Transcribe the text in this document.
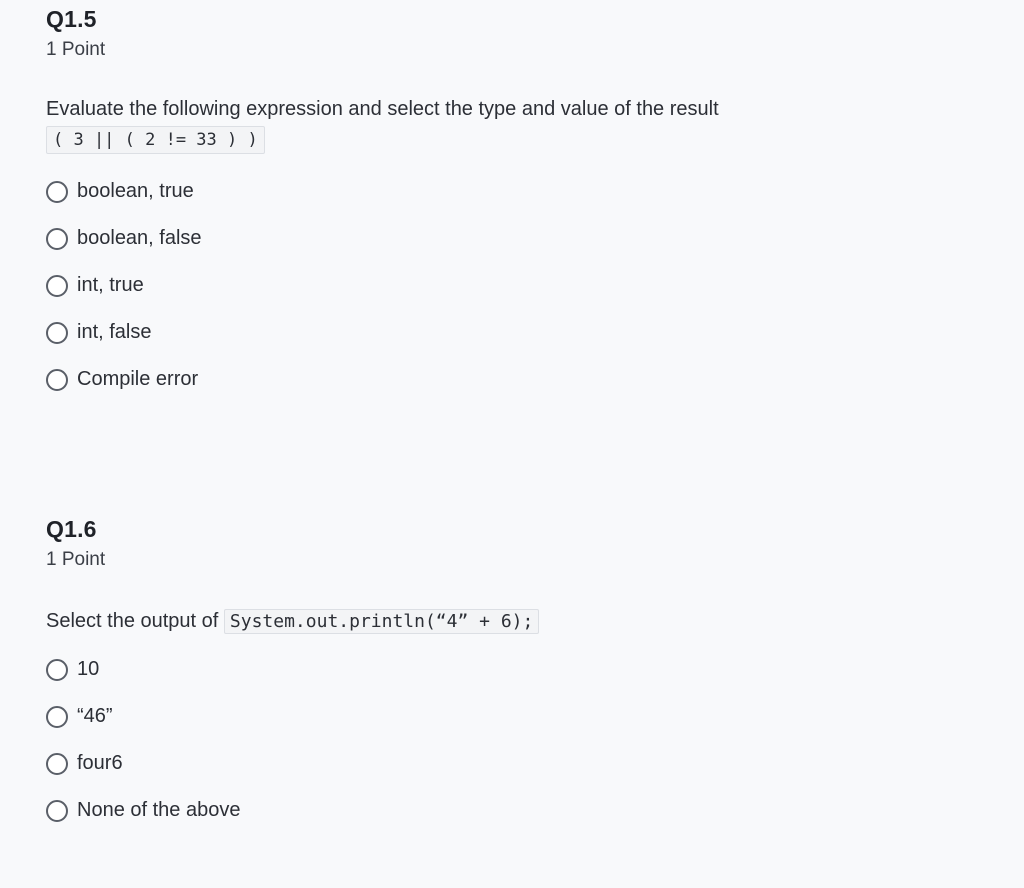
Q1.5
1 Point
Evaluate the following expression and select the type and value of the result
( 3 || ( 2 != 33 ) )
boolean, true
boolean, false
int, true
int, false
Compile error
Q1.6
1 Point
Select the output of System.out.println(“4” + 6);
10
“46”
four6
None of the above
